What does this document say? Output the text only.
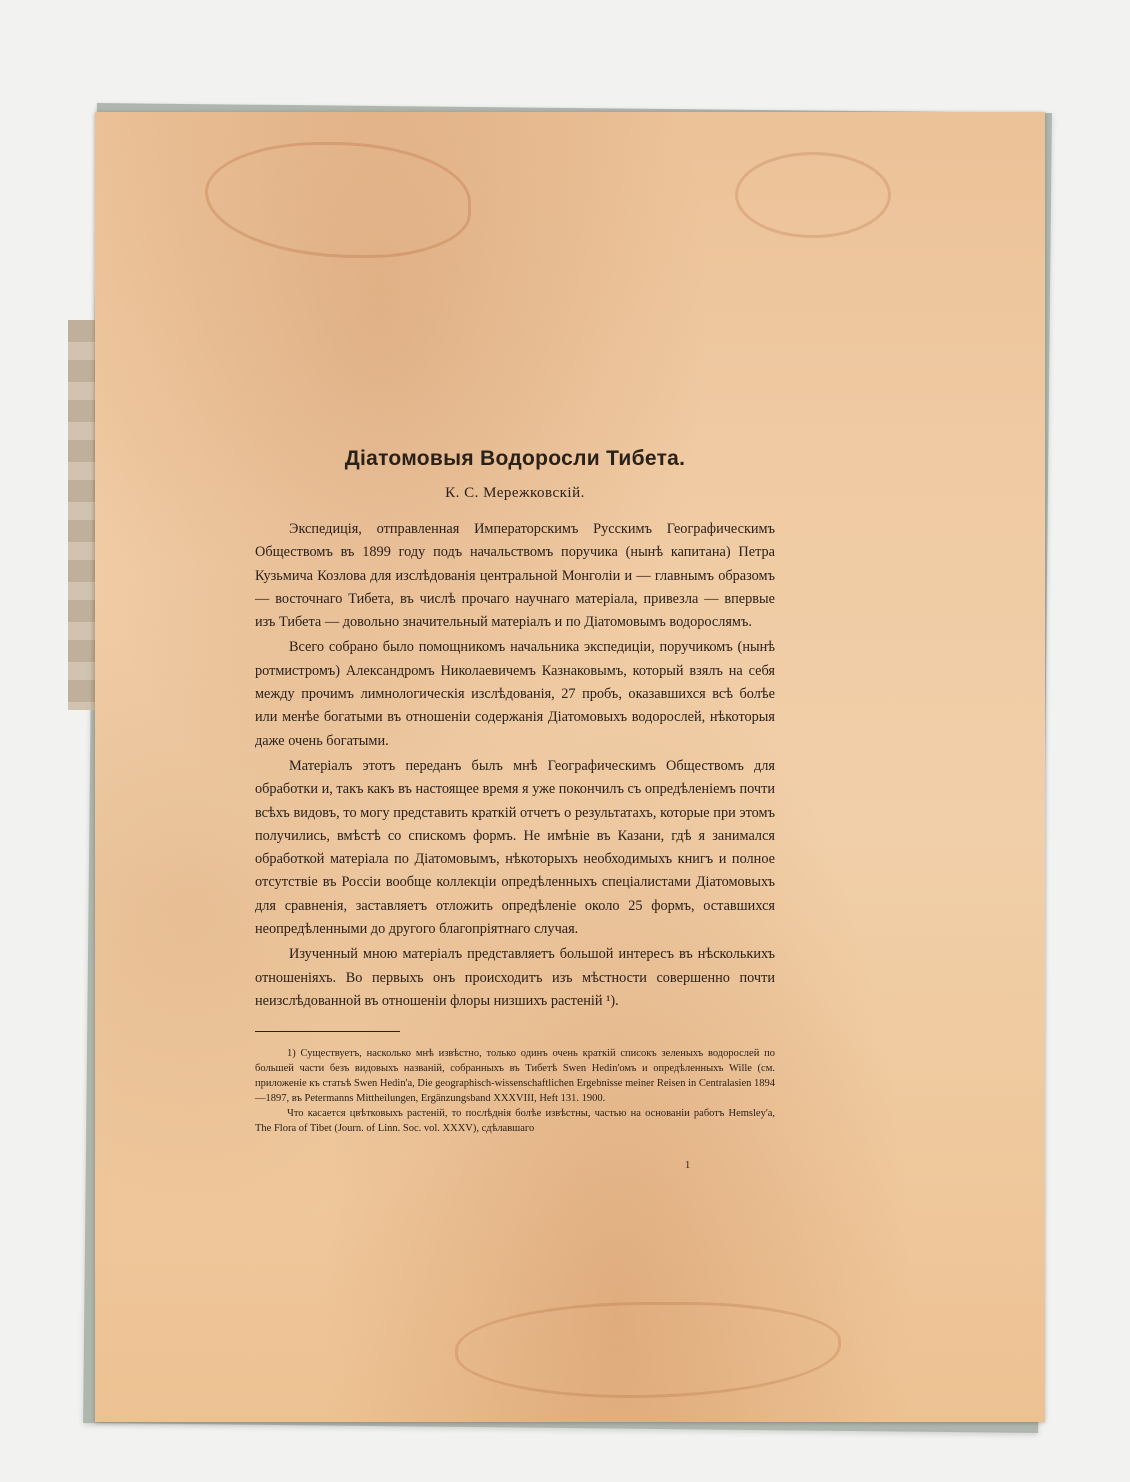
Діатомовыя Водоросли Тибета.
К. С. Мережковскій.

Экспедиція, отправленная Императорскимъ Русскимъ Географическимъ Обществомъ въ 1899 году подъ начальствомъ поручика (нынѣ капитана) Петра Кузьмича Козлова для изслѣдованія центральной Монголіи и — главнымъ образомъ — восточнаго Тибета, въ числѣ прочаго научнаго матеріала, привезла — впервые изъ Тибета — довольно значительный матеріалъ и по Діатомовымъ водорослямъ.

Всего собрано было помощникомъ начальника экспедиціи, поручикомъ (нынѣ ротмистромъ) Александромъ Николаевичемъ Казнаковымъ, который взялъ на себя между прочимъ лимнологическія изслѣдованія, 27 пробъ, оказавшихся всѣ болѣе или менѣе богатыми въ отношеніи содержанія Діатомовыхъ водорослей, нѣкоторыя даже очень богатыми.

Матеріалъ этотъ переданъ былъ мнѣ Географическимъ Обществомъ для обработки и, такъ какъ въ настоящее время я уже покончилъ съ опредѣленіемъ почти всѣхъ видовъ, то могу представить краткій отчетъ о результатахъ, которые при этомъ получились, вмѣстѣ со спискомъ формъ. Не имѣніе въ Казани, гдѣ я занимался обработкой матеріала по Діатомовымъ, нѣкоторыхъ необходимыхъ книгъ и полное отсутствіе въ Россіи вообще коллекціи опредѣленныхъ спеціалистами Діатомовыхъ для сравненія, заставляетъ отложить опредѣленіе около 25 формъ, оставшихся неопредѣленными до другого благопріятнаго случая.

Изученный мною матеріалъ представляетъ большой интересъ въ нѣсколькихъ отношеніяхъ. Во первыхъ онъ происходитъ изъ мѣстности совершенно почти неизслѣдованной въ отношеніи флоры низшихъ растеній ¹).

1) Существуетъ, насколько мнѣ извѣстно, только одинъ очень краткій списокъ зеленыхъ водорослей по большей части безъ видовыхъ названій, собранныхъ въ Тибетѣ Swen Hedin'омъ и опредѣленныхъ Wille (см. приложеніе къ статьѣ Swen Hedin'a, Die geographisch-wissenschaftlichen Ergebnisse meiner Reisen in Centralasien 1894—1897, въ Petermanns Mittheilungen, Ergänzungsband XXXVIII, Heft 131. 1900.

Что касается цвѣтковыхъ растеній, то послѣднія болѣе извѣстны, частью на основаніи работъ Hemsley'a, The Flora of Tibet (Journ. of Linn. Soc. vol. XXXV), сдѣлавшаго

1
